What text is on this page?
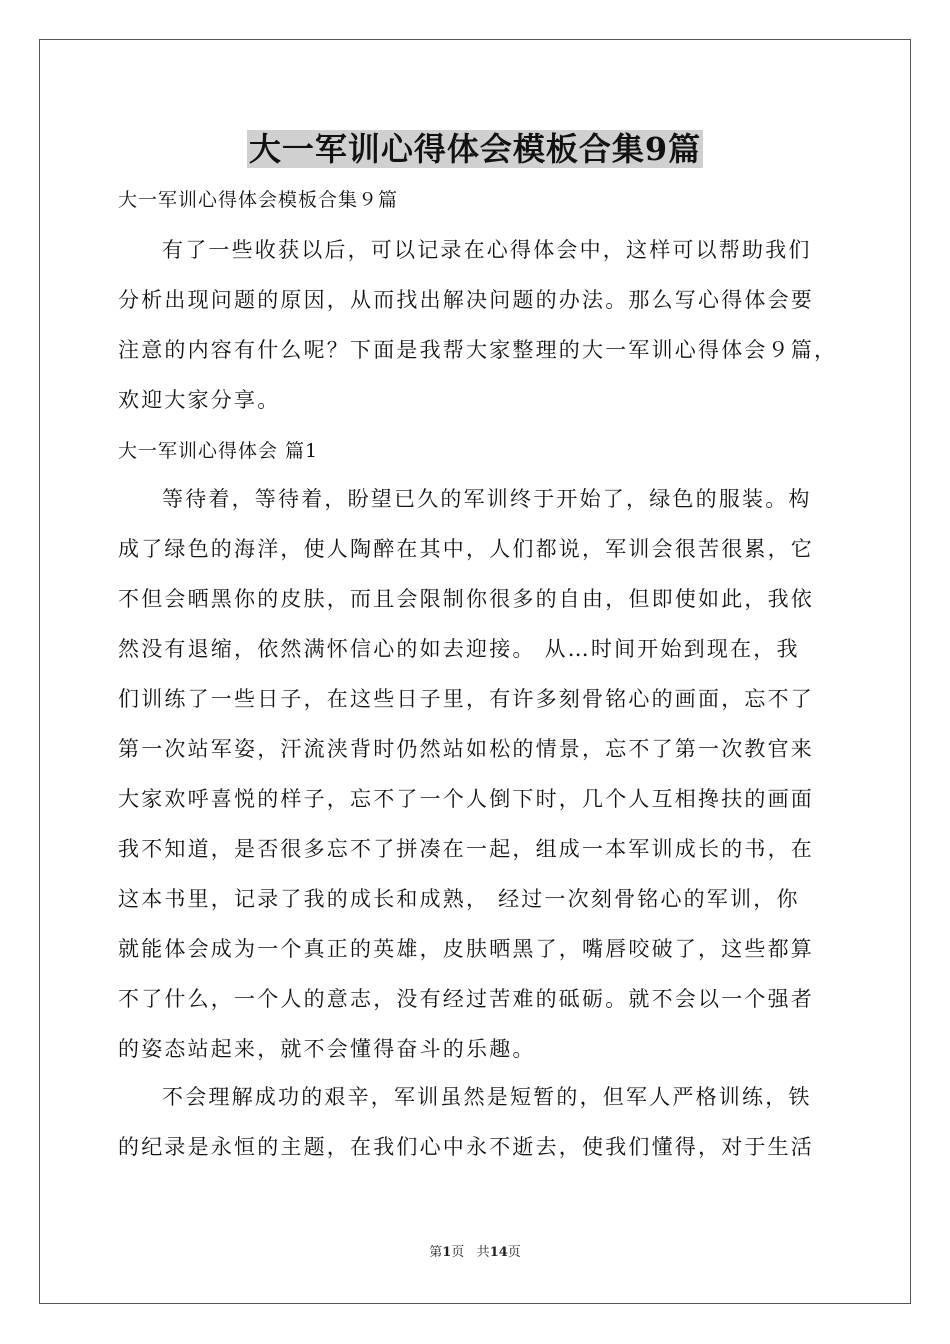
大一军训心得体会模板合集9篇
大一军训心得体会模板合集９篇
有了一些收获以后，可以记录在心得体会中，这样可以帮助我们
分析出现问题的原因，从而找出解决问题的办法。那么写心得体会要
注意的内容有什么呢？下面是我帮大家整理的大一军训心得体会９篇，
欢迎大家分享。
大一军训心得体会 篇1
等待着，等待着，盼望已久的军训终于开始了，绿色的服装。构
成了绿色的海洋，使人陶醉在其中，人们都说，军训会很苦很累，它
不但会晒黑你的皮肤，而且会限制你很多的自由，但即使如此，我依
然没有退缩，依然满怀信心的如去迎接。 从…时间开始到现在，我
们训练了一些日子，在这些日子里，有许多刻骨铭心的画面，忘不了
第一次站军姿，汗流浃背时仍然站如松的情景，忘不了第一次教官来
大家欢呼喜悦的样子，忘不了一个人倒下时，几个人互相搀扶的画面
我不知道，是否很多忘不了拼凑在一起，组成一本军训成长的书，在
这本书里，记录了我的成长和成熟， 经过一次刻骨铭心的军训，你
就能体会成为一个真正的英雄，皮肤晒黑了，嘴唇咬破了，这些都算
不了什么，一个人的意志，没有经过苦难的砥砺。就不会以一个强者
的姿态站起来，就不会懂得奋斗的乐趣。
不会理解成功的艰辛，军训虽然是短暂的，但军人严格训练，铁
的纪录是永恒的主题，在我们心中永不逝去，使我们懂得，对于生活
第1页 共14页
